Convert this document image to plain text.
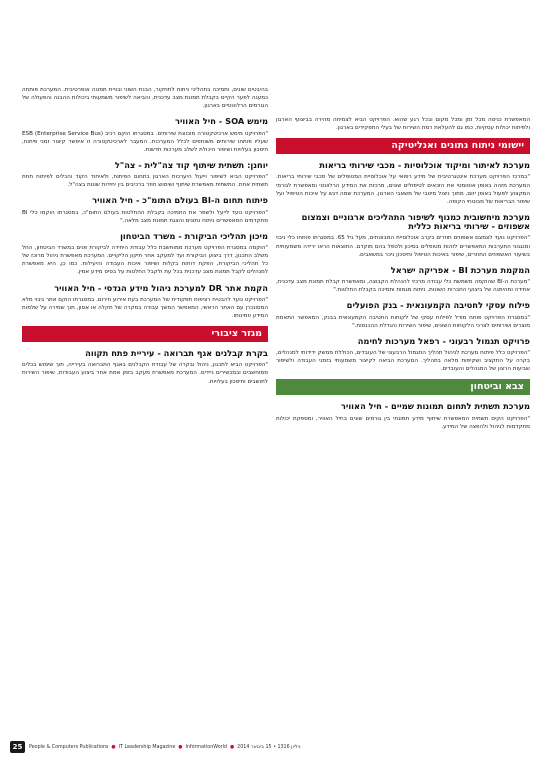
המאפשרת כניסה מכל זמן ומכל מקום ובכל רגע שהוא. הפרויקט הביא לצמיחה מהירה בביצועי הארגון ולפיתוח יכולות עסקיות, כמו גם להעלאת רמת השירות של בעלי התפקידים בארגון.

יישומי ניתוח נתונים ואנליטיקה
מערכת לאיתור ומיקוד אוכלוסיות - מכבי שירותי בריאות

"במרכז הפרויקט מערכת אינטגרטיבית של מידע רפואי על אוכלוסיית המטופלים של מכבי שירותי בריאות. המערכת מזהה באופן אוטומטי את הזכאים לטיפולים שונים, מרכזת את המידע הרלוונטי ומאפשרת לגורמי המקצוע לפעול באופן יזום, מתוך ניצול מיטבי של משאבי הארגון. המערכת שמה דגש על איכות הטיפול ועל שיפור הבריאות של מבוטחי הקופה.

מערכת מיחשובית כמנוף לשיפור התהליכים ארגוניים וצמצום אשפוזים - שירותי בריאות כללית

"הפרויקט נועד לצמצם אשפוזים חוזרים בקרב אוכלוסיית המבוטחים, מעל גיל 65. במסגרתו פותחו כלי ניבוי ומנגנוני התערבות המאפשרים לזהות מטופלים בסיכון ולטפל בהם מוקדם. התוצאות הראו ירידה משמעותית בשיעור האשפוזים החוזרים, שיפור באיכות הטיפול וחיסכון ניכר במשאבים.

המקמת מערכת BI - אפריקה ישראל

"מערכת ה-BI שהוקמה משמשת כלי עבודה מרכזי להנהלת הקבוצה, ומאפשרת קבלת תמונת מצב עדכנית, אחידה ומהימנה של ביצועי החברות השונות, ניתוח מגמות ותמיכה בקבלת החלטות."

פילוח עסקי לחטיבה הקמעונאית - בנק הפועלים

"במסגרת הפרויקט פותח מודל לפילוח עסקי של לקוחות החטיבה הקמעונאית בבנק, המאפשר התאמת מוצרים ושירותים לצרכי הלקוחות השונים, שיפור השירות והגדלת ההכנסות."

פרויקט תגמול רבעוני - רפאל מערכות לחימה

"הפרויקט כלל פיתוח מערכת לניהול תהליך התגמול הרבעוני של העובדים, הכוללת ממשק ידידותי למנהלים, בקרה על התקציב ושקיפות מלאה בתהליך. המערכת הביאה לקיצור משמעותי בזמני העבודה ולשיפור שביעות הרצון של המנהלים והעובדים.

צבא וביטחון
מערכת תשתית לתחום תמונות שמיים - חיל האוויר

"הפרויקט הקים תשתית המאפשרת שיתוף מידע תמונתי בין גורמים שונים בחיל האוויר, ומספקת יכולות מתקדמות לניהול ולהפצה של המידע.

בהיבטים שונים, ותמיכה בתהליכי ניתוח לתחקור, הבנת השוני ובניית תמונה אופרטיבית. המערכת פותחה כמענה לפער הקיים בקבלת תמונת מצב עדכנית, והביאה לשיפור משמעותי ביכולות ההבנה והפעולה של הגורמים הרלוונטיים בארגון.

מימש SOA - חיל האוויר

"הפרויקט מימש ארכיטקטורה מוכוונת שירותים. במסגרתו הוקם רכיב ESB (Enterprise Service Bus) שעליו פותחו שירותים משותפים לכלל המערכות. המעבר לארכיטקטורה זו איפשר קיצור זמני פיתוח, חיסכון בעלויות ושיפור היכולת לשלב מערכות חדשות.

יוחנן: תשתית שיתוף קוד צה"לית - צה"ל

"הפרויקט הביא לשיפור וייעול היערכות הארגון בתחום הפיתוח, ולאיחוד הקוד והכלים לפיתוח תחת תשתית אחת. התשתית מאפשרת שיתוף ושימוש חוזר ברכיבים בין יחידות שונות בצה"ל.

פיתוח תחום ה-BI בעולם התומ"כ - חיל האוויר

"הפרויקט נועד לייעל ולשפר את התמיכה בקבלת ההחלטות בעולם התומ"כ, במסגרתו הוקמו כלי BI מתקדמים המאפשרים ניתוח נתונים והצגת תמונת מצב מלאה."

מיכון תהליכי הביקורת - משרד הביטחון

"הוקמה במסגרת הפרויקט מערכת ממוחשבת כלל עבודת היחידה לביקורת פנים במשרד הביטחון, החל משלב התכנון, דרך ביצוע הביקורת ועד למעקב אחר תיקון הליקויים. המערכת מאפשרת ניהול מרוכז של כל תהליכי הביקורת, הפקת דוחות בקלות ושיפור איכות העבודה והיעילות. כמו כן, היא מאפשרת למנהלים לקבל תמונת מצב עדכנית בכל עת ולקבל החלטות על בסיס מידע אמין.

הקמת אתר DR למערכת ניהול מידע הנדסי - חיל האוויר

"הפרויקט נועד להבטיח רציפות תפקודית של המערכת בעת אירוע חירום. במסגרתו הוקם אתר גיבוי מלא המסונכרן עם האתר הראשי, המאפשר המשך עבודה במקרה של תקלה או אסון, תוך שמירה על שלמות המידע וזמינותו.

מגזר ציבורי
בקרת קבלנים אגף תברואה - עיריית פתח תקווה

"הפרויקט הביא לתכנון, ניהול ובקרה של עבודת הקבלנים באגף התברואה בעירייה, תוך שימוש בכלים ממוחשבים ובמכשירים ניידים. המערכת מאפשרת מעקב בזמן אמת אחר ביצוע העבודות, שיפור השירות לתושבים וחיסכון בעלויות.

25	People & Computers Publications ● IT Leadership Magazine ● InformationWorld ● גיליון 1316 • 15 בינואר 2014
